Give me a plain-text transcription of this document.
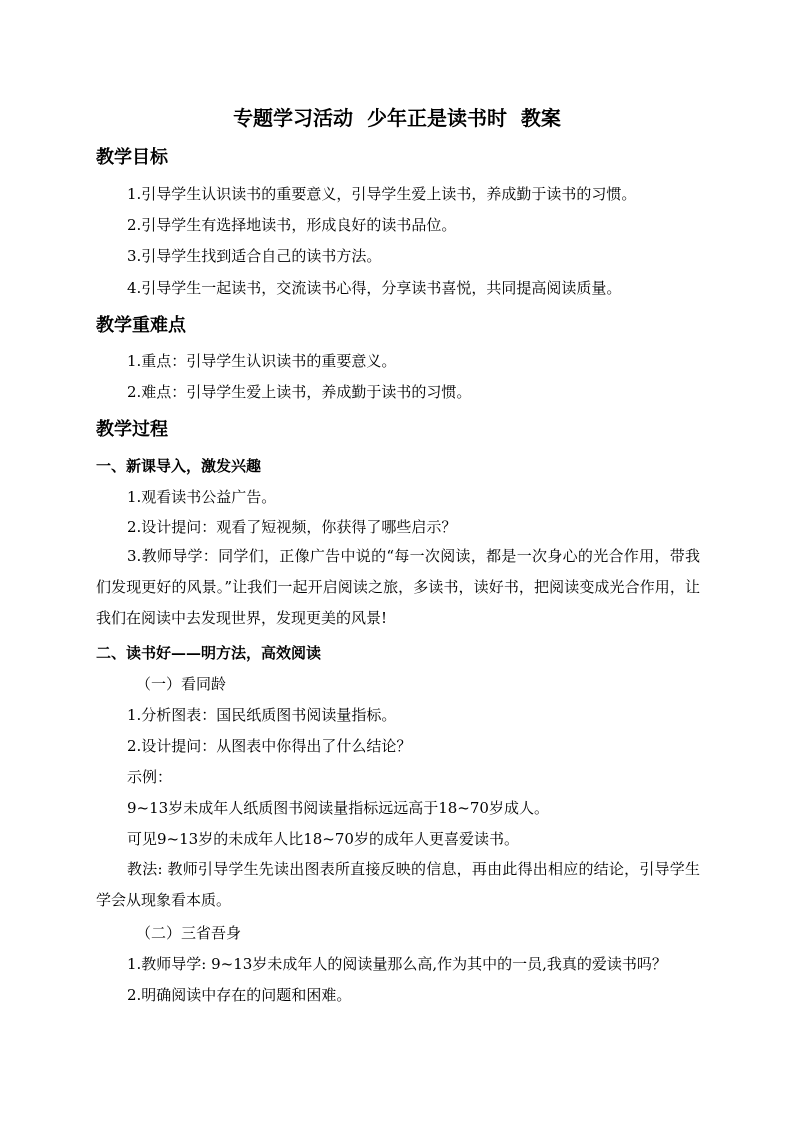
专题学习活动  少年正是读书时  教案
教学目标
1.引导学生认识读书的重要意义，引导学生爱上读书，养成勤于读书的习惯。
2.引导学生有选择地读书，形成良好的读书品位。
3.引导学生找到适合自己的读书方法。
4.引导学生一起读书，交流读书心得，分享读书喜悦，共同提高阅读质量。
教学重难点
1.重点：引导学生认识读书的重要意义。
2.难点：引导学生爱上读书，养成勤于读书的习惯。
教学过程
一、新课导入，激发兴趣
1.观看读书公益广告。
2.设计提问：观看了短视频，你获得了哪些启示？
3.教师导学：同学们，正像广告中说的“每一次阅读，都是一次身心的光合作用，带我们发现更好的风景。”让我们一起开启阅读之旅，多读书，读好书，把阅读变成光合作用，让我们在阅读中去发现世界，发现更美的风景!
二、读书好——明方法，高效阅读
（一）看同龄
1.分析图表：国民纸质图书阅读量指标。
2.设计提问：从图表中你得出了什么结论？
示例：
9~13岁未成年人纸质图书阅读量指标远远高于18~70岁成人。
可见9~13岁的未成年人比18~70岁的成年人更喜爱读书。
教法: 教师引导学生先读出图表所直接反映的信息，再由此得出相应的结论，引导学生学会从现象看本质。
（二）三省吾身
1.教师导学: 9~13岁未成年人的阅读量那么高,作为其中的一员,我真的爱读书吗？
2.明确阅读中存在的问题和困难。
